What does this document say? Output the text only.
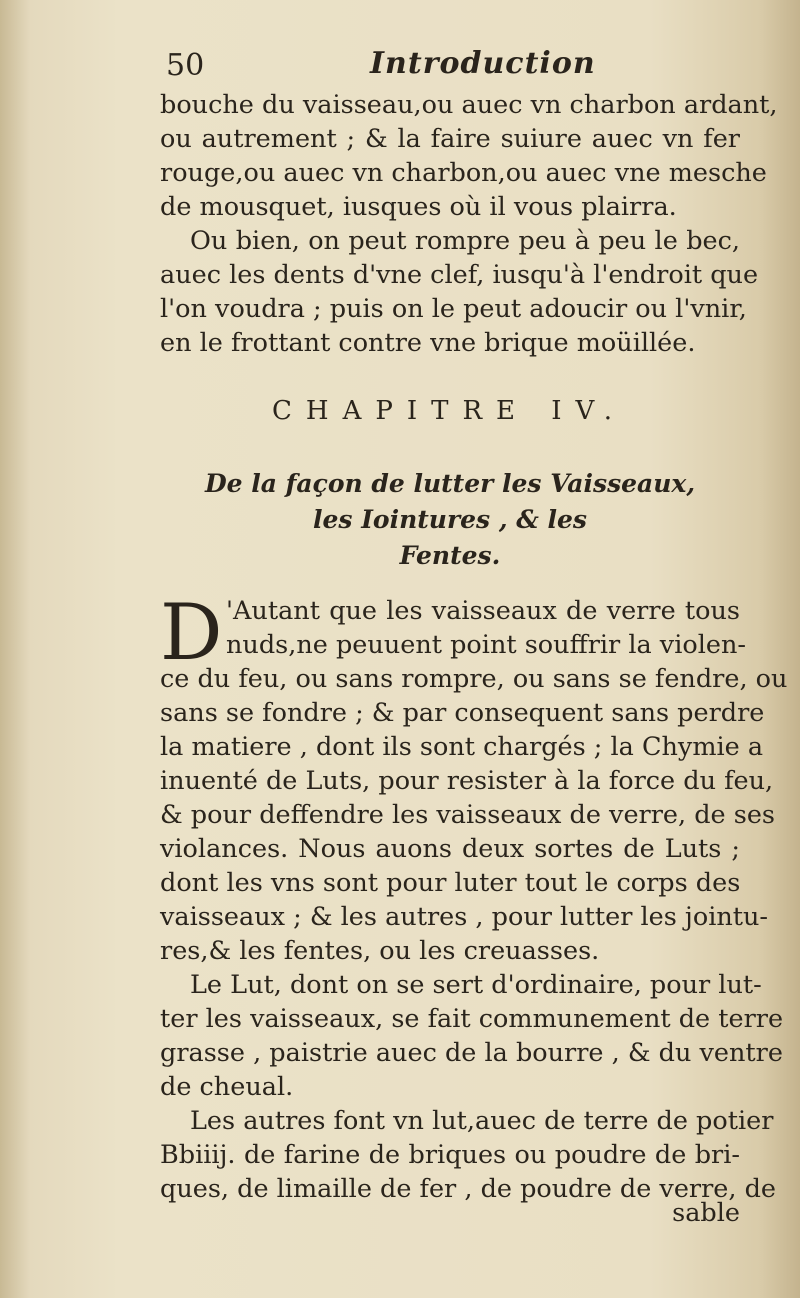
50	Introduction
bouche du vaisseau,ou auec vn charbon ardant,
ou autrement ; & la faire suiure auec vn fer
rouge,ou auec vn charbon,ou auec vne mesche
de mousquet, iusques où il vous plairra.
Ou bien, on peut rompre peu à peu le bec,
auec les dents d'vne clef, iusqu'à l'endroit que
l'on voudra ; puis on le peut adoucir ou l'vnir,
en le frottant contre vne brique moüillée.
CHAPITRE IV.
De la façon de lutter les Vaisseaux,
les Iointures , & les
Fentes.
D 'Autant que les vaisseaux de verre tous
nuds,ne peuuent point souffrir la violen-
ce du feu, ou sans rompre, ou sans se fendre, ou
sans se fondre ; & par consequent sans perdre
la matiere , dont ils sont chargés ; la Chymie a
inuenté de Luts, pour resister à la force du feu,
& pour deffendre les vaisseaux de verre, de ses
violances. Nous auons deux sortes de Luts ;
dont les vns sont pour luter tout le corps des
vaisseaux ; & les autres , pour lutter les jointu-
res,& les fentes, ou les creuasses.
Le Lut, dont on se sert d'ordinaire, pour lut-
ter les vaisseaux, se fait communement de terre
grasse , paistrie auec de la bourre , & du ventre
de cheual.
Les autres font vn lut,auec de terre de potier
Bbiiij. de farine de briques ou poudre de bri-
ques, de limaille de fer , de poudre de verre, de
sable
